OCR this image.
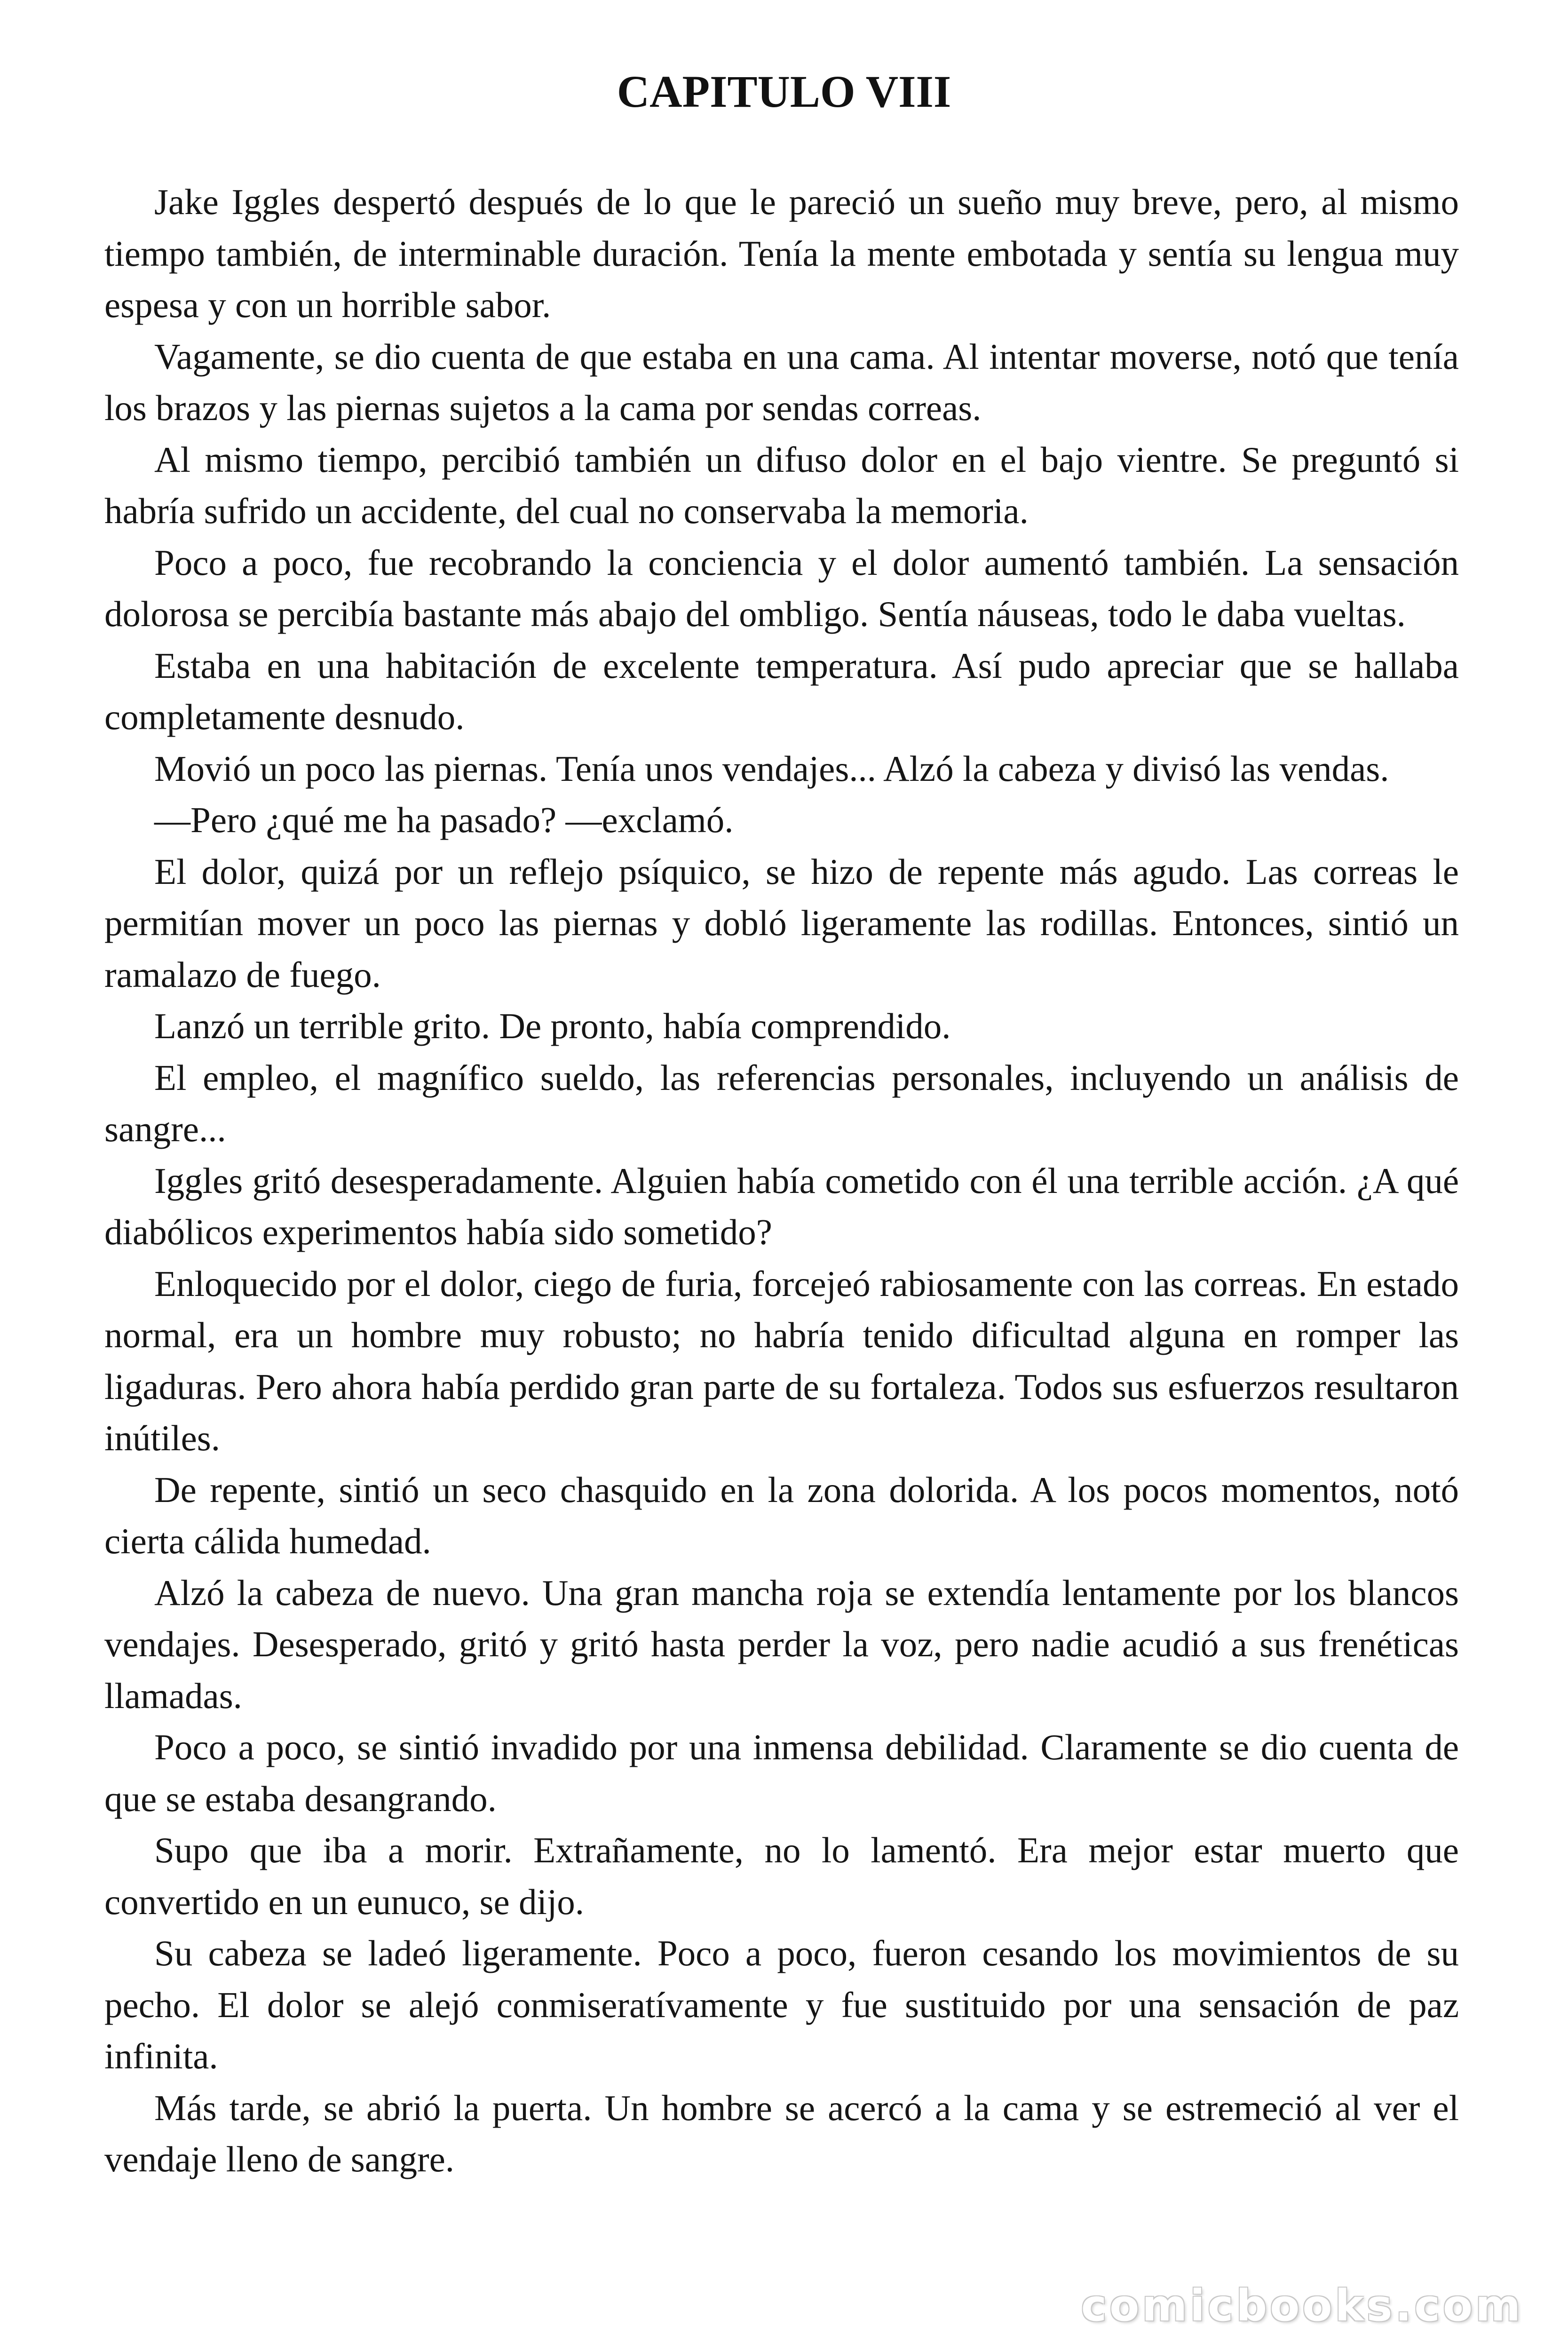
CAPITULO VIII

Jake Iggles despertó después de lo que le pareció un sueño muy breve, pero, al mismo tiempo también, de interminable duración. Tenía la mente embotada y sentía su lengua muy espesa y con un horrible sabor.

Vagamente, se dio cuenta de que estaba en una cama. Al intentar moverse, notó que tenía los brazos y las piernas sujetos a la cama por sendas correas.

Al mismo tiempo, percibió también un difuso dolor en el bajo vientre. Se preguntó si habría sufrido un accidente, del cual no conservaba la memoria.

Poco a poco, fue recobrando la conciencia y el dolor aumentó también. La sensación dolorosa se percibía bastante más abajo del ombligo. Sentía náuseas, todo le daba vueltas.

Estaba en una habitación de excelente temperatura. Así pudo apreciar que se hallaba completamente desnudo.

Movió un poco las piernas. Tenía unos vendajes... Alzó la cabeza y divisó las vendas.

—Pero ¿qué me ha pasado? —exclamó.

El dolor, quizá por un reflejo psíquico, se hizo de repente más agudo. Las correas le permitían mover un poco las piernas y dobló ligeramente las rodillas. Entonces, sintió un ramalazo de fuego.

Lanzó un terrible grito. De pronto, había comprendido.

El empleo, el magnífico sueldo, las referencias personales, incluyendo un análisis de sangre...

Iggles gritó desesperadamente. Alguien había cometido con él una terrible acción. ¿A qué diabólicos experimentos había sido sometido?

Enloquecido por el dolor, ciego de furia, forcejeó rabiosamente con las correas. En estado normal, era un hombre muy robusto; no habría tenido dificultad alguna en romper las ligaduras. Pero ahora había perdido gran parte de su fortaleza. Todos sus esfuerzos resultaron inútiles.

De repente, sintió un seco chasquido en la zona dolorida. A los pocos momentos, notó cierta cálida humedad.

Alzó la cabeza de nuevo. Una gran mancha roja se extendía lentamente por los blancos vendajes. Desesperado, gritó y gritó hasta perder la voz, pero nadie acudió a sus frenéticas llamadas.

Poco a poco, se sintió invadido por una inmensa debilidad. Claramente se dio cuenta de que se estaba desangrando.

Supo que iba a morir. Extrañamente, no lo lamentó. Era mejor estar muerto que convertido en un eunuco, se dijo.

Su cabeza se ladeó ligeramente. Poco a poco, fueron cesando los movimientos de su pecho. El dolor se alejó conmiseratívamente y fue sustituido por una sensación de paz infinita.

Más tarde, se abrió la puerta. Un hombre se acercó a la cama y se estremeció al ver el vendaje lleno de sangre.

comicbooks.com
